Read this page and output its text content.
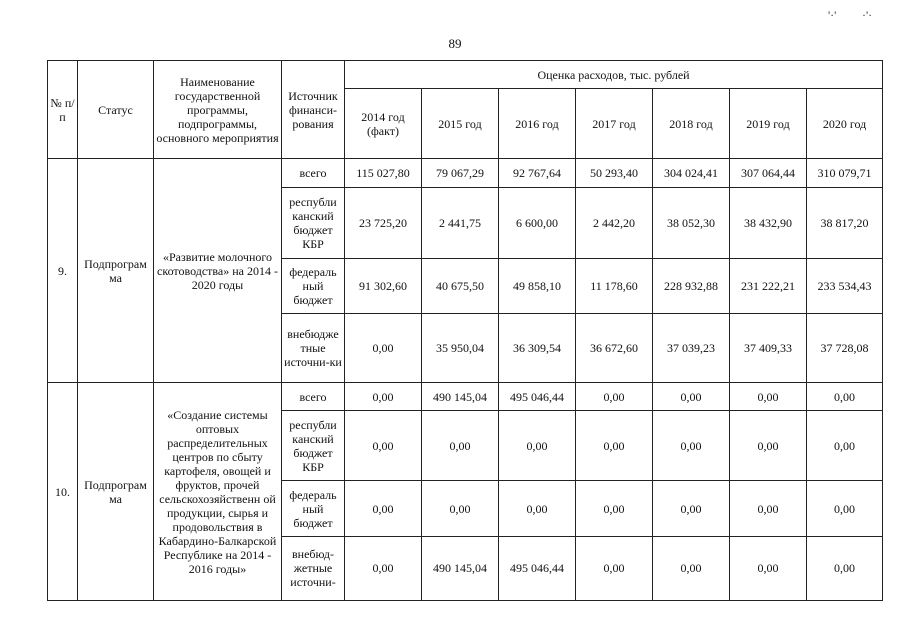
89
'·' ·'·
№ п/п	Статус	Наименование государственной программы, подпрограммы, основного мероприятия	Источник финанси-рования	Оценка расходов, тыс. рублей						
				2014 год (факт)	2015 год	2016 год	2017 год	2018 год	2019 год	2020 год
9.	Подпрограм ма	«Развитие молочного скотоводства» на 2014 - 2020 годы	всего	115 027,80	79 067,29	92 767,64	50 293,40	304 024,41	307 064,44	310 079,71
			республи канский бюджет КБР	23 725,20	2 441,75	6 600,00	2 442,20	38 052,30	38 432,90	38 817,20
			федераль ный бюджет	91 302,60	40 675,50	49 858,10	11 178,60	228 932,88	231 222,21	233 534,43
			внебюдже тные источни-ки	0,00	35 950,04	36 309,54	36 672,60	37 039,23	37 409,33	37 728,08
10.	Подпрограм ма	«Создание системы оптовых распределительных центров по сбыту картофеля, овощей и фруктов, прочей сельскохозяйственн ой продукции, сырья и продовольствия в Кабардино-Балкарской Республике на 2014 - 2016 годы»	всего	0,00	490 145,04	495 046,44	0,00	0,00	0,00	0,00
			республи канский бюджет КБР	0,00	0,00	0,00	0,00	0,00	0,00	0,00
			федераль ный бюджет	0,00	0,00	0,00	0,00	0,00	0,00	0,00
			внебюд-жетные источни-	0,00	490 145,04	495 046,44	0,00	0,00	0,00	0,00
